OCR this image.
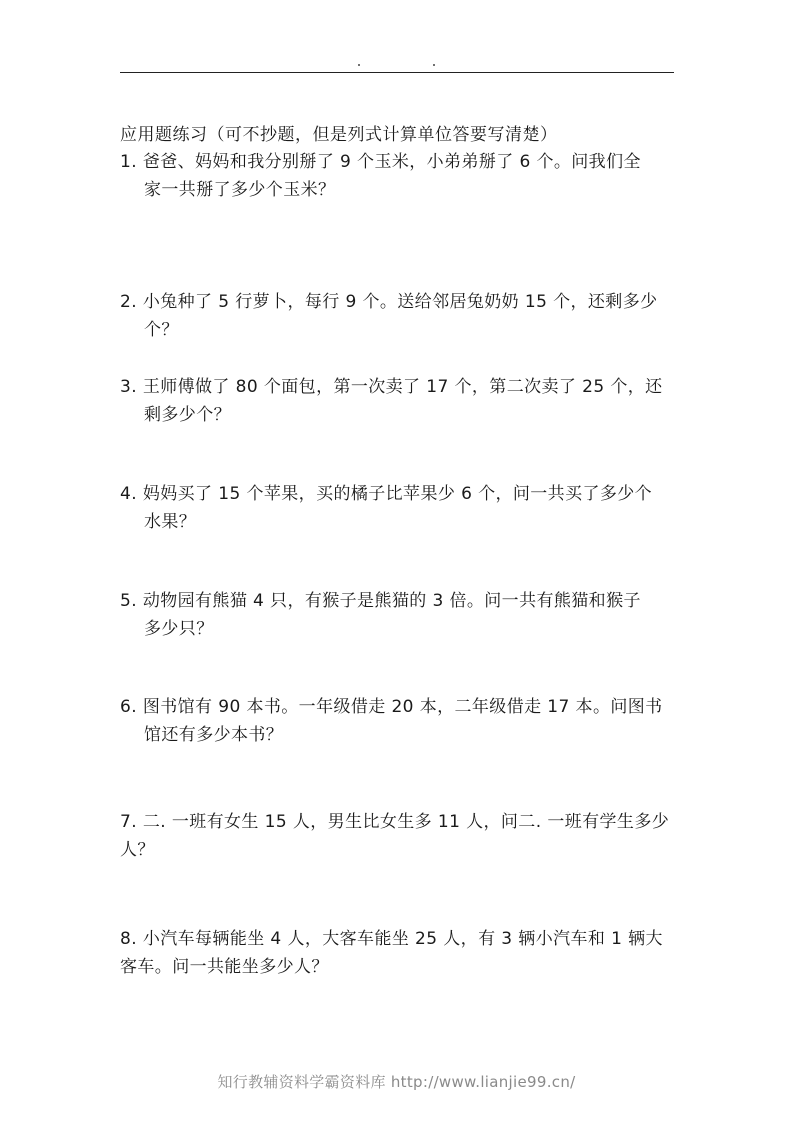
应用题练习（可不抄题，但是列式计算单位答要写清楚）
1. 爸爸、妈妈和我分别掰了 9 个玉米，小弟弟掰了 6 个。问我们全
家一共掰了多少个玉米？
2. 小兔种了 5 行萝卜，每行 9 个。送给邻居兔奶奶 15 个，还剩多少
个？
3. 王师傅做了 80 个面包，第一次卖了 17 个，第二次卖了 25 个，还
剩多少个？
4. 妈妈买了 15 个苹果，买的橘子比苹果少 6 个，问一共买了多少个
水果？
5. 动物园有熊猫 4 只，有猴子是熊猫的 3 倍。问一共有熊猫和猴子
多少只？
6. 图书馆有 90 本书。一年级借走 20 本，二年级借走 17 本。问图书
馆还有多少本书？
7. 二. 一班有女生 15 人，男生比女生多 11 人，问二. 一班有学生多少
人？
8. 小汽车每辆能坐 4 人，大客车能坐 25 人，有 3 辆小汽车和 1 辆大
客车。问一共能坐多少人？
知行教辅资料学霸资料库 http://www.lianjie99.cn/
